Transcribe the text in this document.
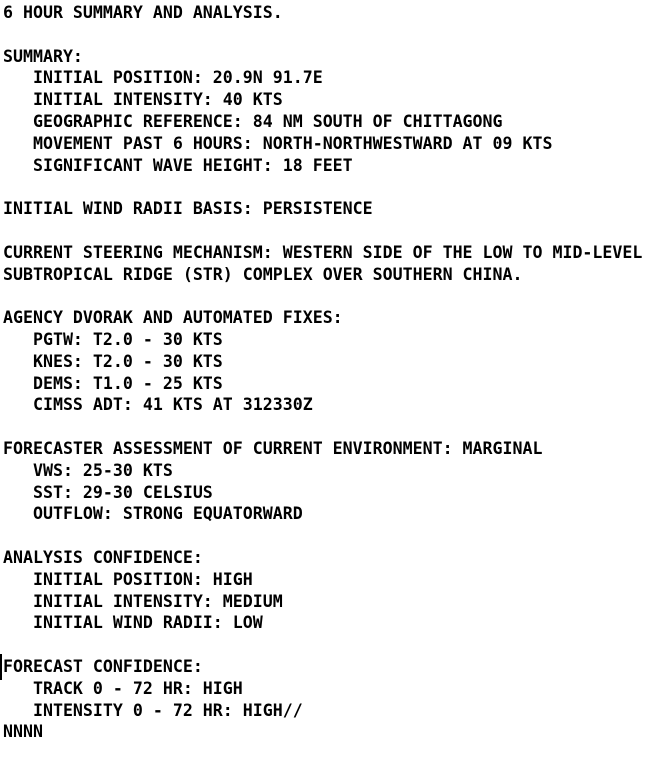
6 HOUR SUMMARY AND ANALYSIS.
SUMMARY:
INITIAL POSITION: 20.9N 91.7E
INITIAL INTENSITY: 40 KTS
GEOGRAPHIC REFERENCE: 84 NM SOUTH OF CHITTAGONG
MOVEMENT PAST 6 HOURS: NORTH-NORTHWESTWARD AT 09 KTS
SIGNIFICANT WAVE HEIGHT: 18 FEET
INITIAL WIND RADII BASIS: PERSISTENCE
CURRENT STEERING MECHANISM: WESTERN SIDE OF THE LOW TO MID-LEVEL
SUBTROPICAL RIDGE (STR) COMPLEX OVER SOUTHERN CHINA.
AGENCY DVORAK AND AUTOMATED FIXES:
PGTW: T2.0 - 30 KTS
KNES: T2.0 - 30 KTS
DEMS: T1.0 - 25 KTS
CIMSS ADT: 41 KTS AT 312330Z
FORECASTER ASSESSMENT OF CURRENT ENVIRONMENT: MARGINAL
VWS: 25-30 KTS
SST: 29-30 CELSIUS
OUTFLOW: STRONG EQUATORWARD
ANALYSIS CONFIDENCE:
INITIAL POSITION: HIGH
INITIAL INTENSITY: MEDIUM
INITIAL WIND RADII: LOW
FORECAST CONFIDENCE:
TRACK 0 - 72 HR: HIGH
INTENSITY 0 - 72 HR: HIGH//
NNNN
